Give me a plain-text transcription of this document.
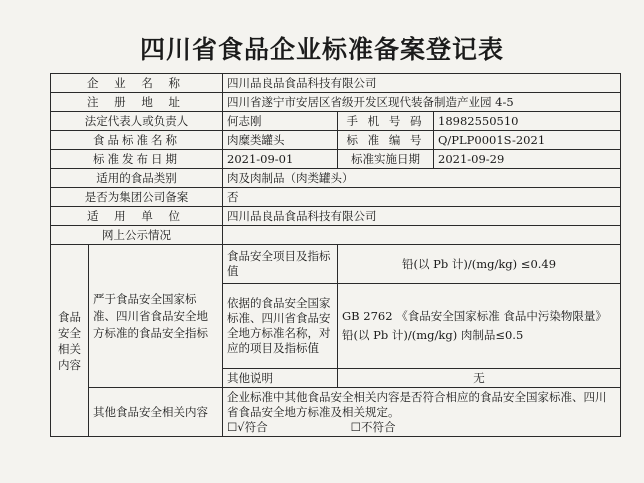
四川省食品企业标准备案登记表
企 业 名 称		四川品良品食品科技有限公司		
注 册 地 址		四川省遂宁市安居区省级开发区现代装备制造产业园 4-5		
法定代表人或负责人		何志刚	手 机 号 码	18982550510
食品标准名称		肉糜类罐头	标 准 编 号	Q/PLP0001S-2021
标准发布日期		2021-09-01	标准实施日期	2021-09-29
适用的食品类别		肉及肉制品（肉类罐头）		
是否为集团公司备案		否		
适 用 单 位		四川品良品食品科技有限公司		
网上公示情况				
食品安全相关内容	严于食品安全国家标准、四川省食品安全地方标准的食品安全指标	食品安全项目及指标值	铅(以 Pb 计)/(mg/kg) ≤0.49	
		依据的食品安全国家标准、四川省食品安全地方标准名称，对应的项目及指标值	GB 2762 《食品安全国家标准 食品中污染物限量》
铅(以 Pb 计)/(mg/kg) 肉制品≤0.5	

		其他说明	无	
	其他食品安全相关内容	企业标准中其他食品安全相关内容是否符合相应的食品安全国家标准、四川省食品安全地方标准及相关规定。
☐√符合 ☐不符合		
